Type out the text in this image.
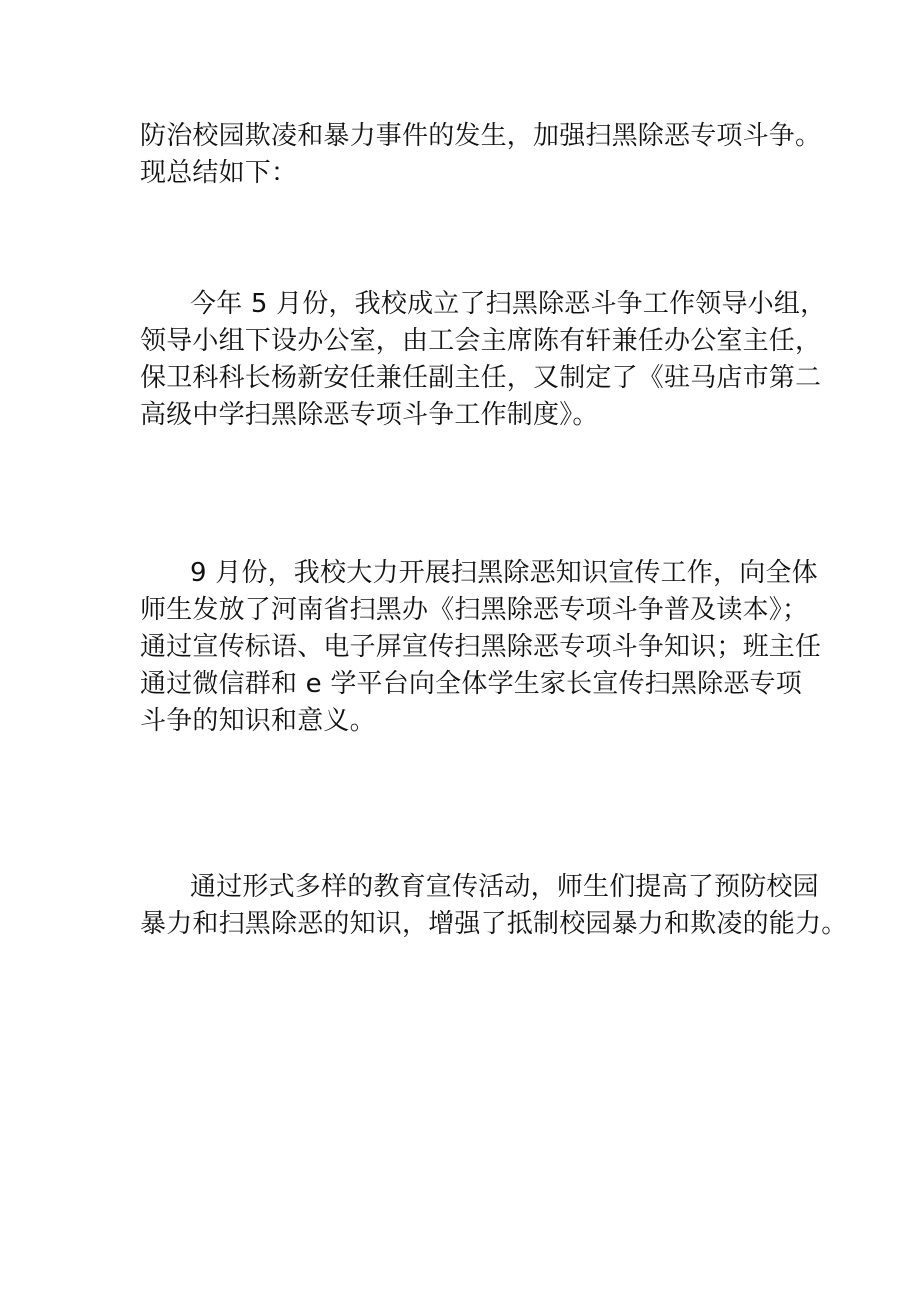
防治校园欺凌和暴力事件的发生，加强扫黑除恶专项斗争。
现总结如下：
今年 5 月份，我校成立了扫黑除恶斗争工作领导小组，
领导小组下设办公室，由工会主席陈有轩兼任办公室主任，
保卫科科长杨新安任兼任副主任，又制定了《驻马店市第二
高级中学扫黑除恶专项斗争工作制度》。
9 月份，我校大力开展扫黑除恶知识宣传工作，向全体
师生发放了河南省扫黑办《扫黑除恶专项斗争普及读本》；
通过宣传标语、电子屏宣传扫黑除恶专项斗争知识；班主任
通过微信群和 e 学平台向全体学生家长宣传扫黑除恶专项
斗争的知识和意义。
通过形式多样的教育宣传活动，师生们提高了预防校园
暴力和扫黑除恶的知识，增强了抵制校园暴力和欺凌的能力。
